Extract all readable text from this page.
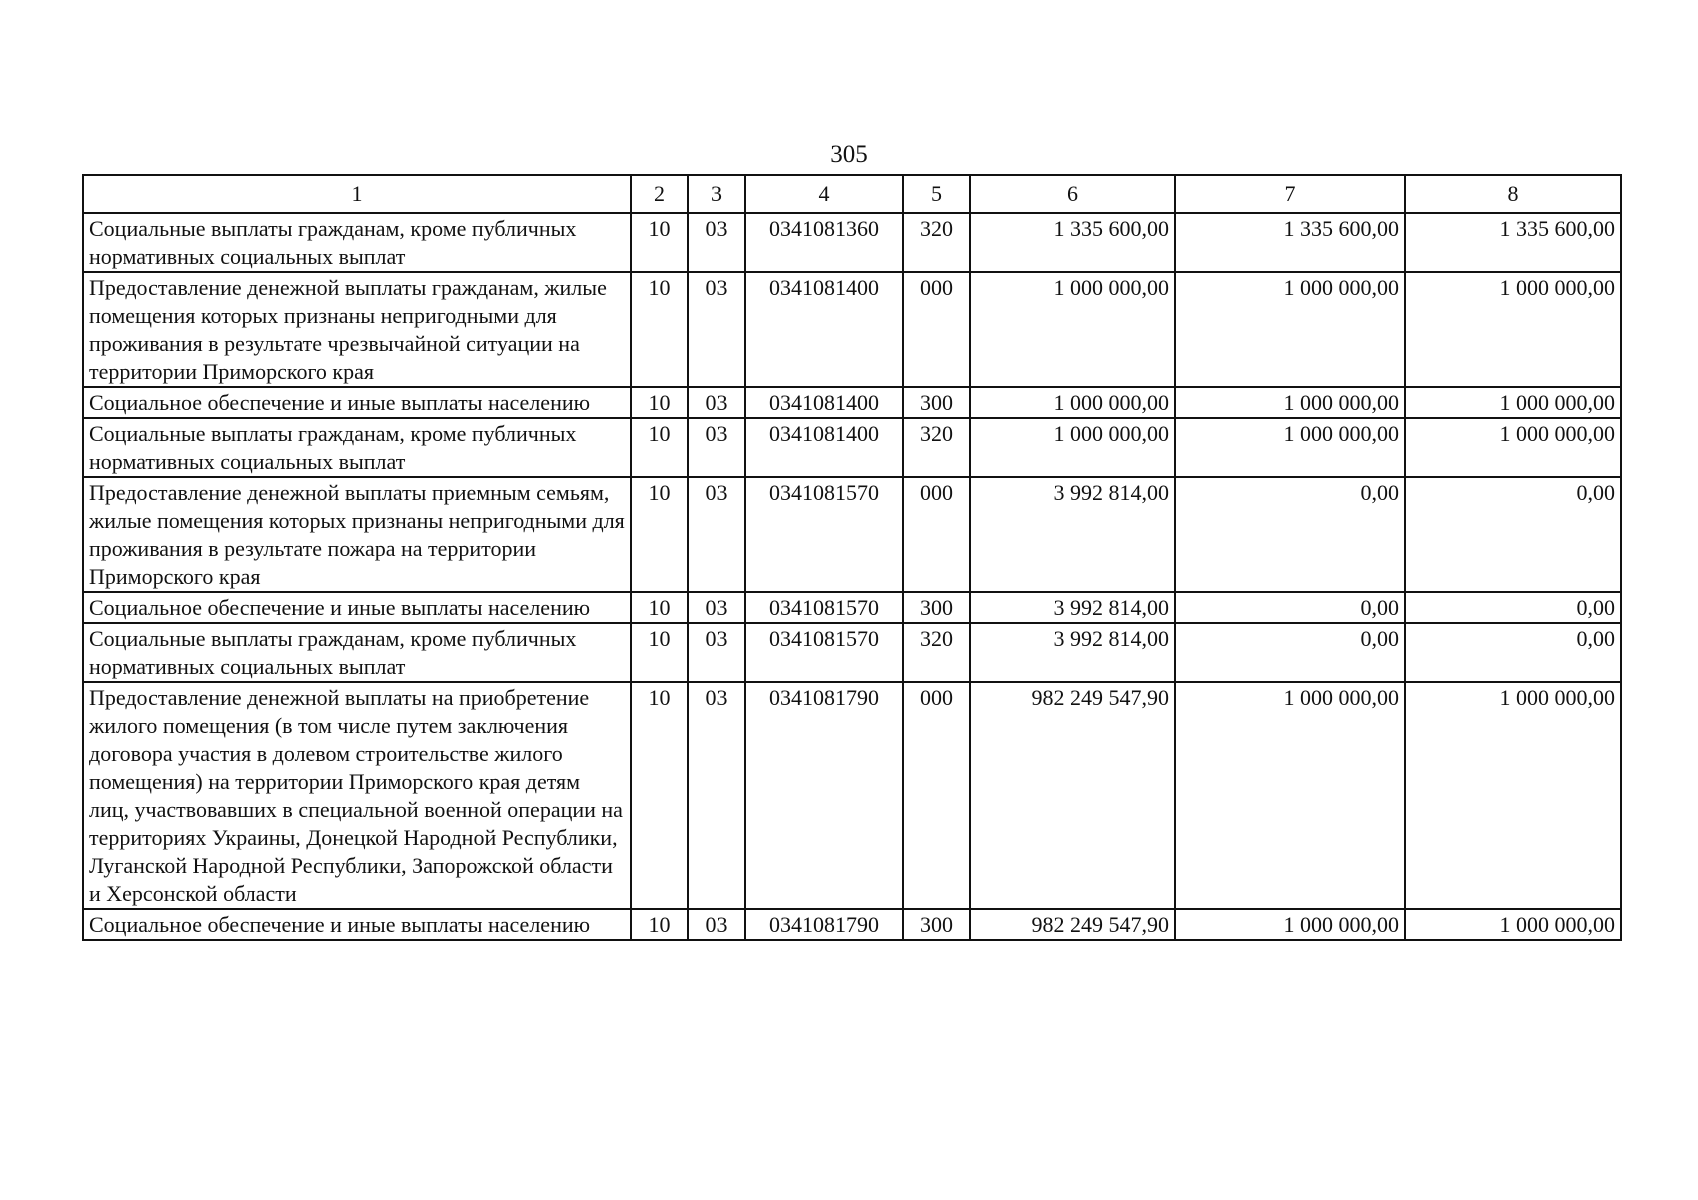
305
1	2	3	4	5	6	7	8
Социальные выплаты гражданам, кроме публичных нормативных социальных выплат	10	03	0341081360	320	1 335 600,00	1 335 600,00	1 335 600,00
Предоставление денежной выплаты гражданам, жилые помещения которых признаны непригодными для проживания в результате чрезвычайной ситуации на территории Приморского края	10	03	0341081400	000	1 000 000,00	1 000 000,00	1 000 000,00
Социальное обеспечение и иные выплаты населению	10	03	0341081400	300	1 000 000,00	1 000 000,00	1 000 000,00
Социальные выплаты гражданам, кроме публичных нормативных социальных выплат	10	03	0341081400	320	1 000 000,00	1 000 000,00	1 000 000,00
Предоставление денежной выплаты приемным семьям, жилые помещения которых признаны непригодными для проживания в результате пожара на территории Приморского края	10	03	0341081570	000	3 992 814,00	0,00	0,00
Социальное обеспечение и иные выплаты населению	10	03	0341081570	300	3 992 814,00	0,00	0,00
Социальные выплаты гражданам, кроме публичных нормативных социальных выплат	10	03	0341081570	320	3 992 814,00	0,00	0,00
Предоставление денежной выплаты на приобретение жилого помещения (в том числе путем заключения договора участия в долевом строительстве жилого помещения) на территории Приморского края детям лиц, участвовавших в специальной военной операции на территориях Украины, Донецкой Народной Республики, Луганской Народной Республики, Запорожской области и Херсонской области	10	03	0341081790	000	982 249 547,90	1 000 000,00	1 000 000,00
Социальное обеспечение и иные выплаты населению	10	03	0341081790	300	982 249 547,90	1 000 000,00	1 000 000,00
